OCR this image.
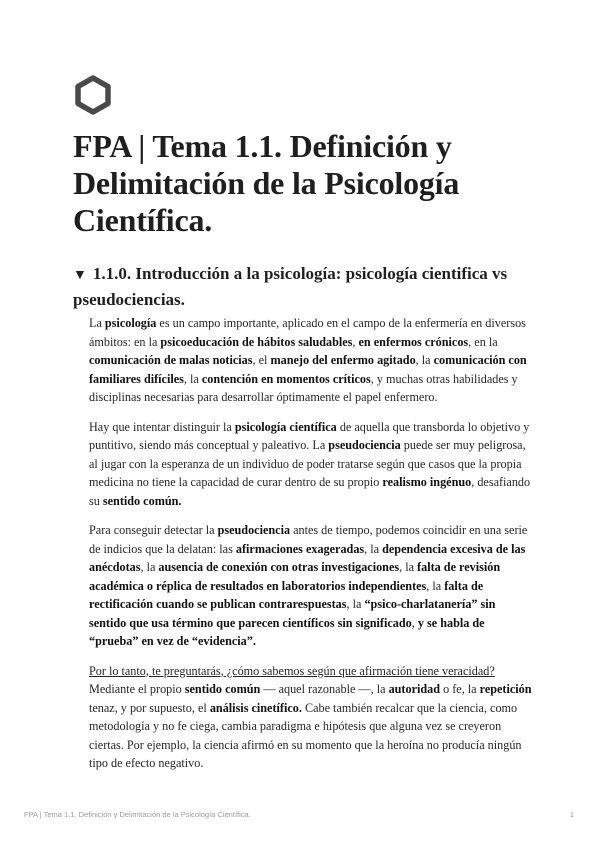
FPA | Tema 1.1. Definición y Delimitación de la Psicología Científica.
▼ 1.1.0. Introducción a la psicología: psicología cientifica vs pseudociencias.

La psicología es un campo importante, aplicado en el campo de la enfermería en diversos ámbitos: en la psicoeducación de hábitos saludables, en enfermos crónicos, en la comunicación de malas noticias, el manejo del enfermo agitado, la comunicación con familiares difíciles, la contención en momentos críticos, y muchas otras habilidades y disciplinas necesarias para desarrollar óptimamente el papel enfermero.

Hay que intentar distinguir la psicología científica de aquella que transborda lo objetivo y puntitivo, siendo más conceptual y paleativo. La pseudociencia puede ser muy peligrosa, al jugar con la esperanza de un individuo de poder tratarse según que casos que la propia medicina no tiene la capacidad de curar dentro de su propio realismo ingénuo, desafiando su sentido común.

Para conseguir detectar la pseudociencia antes de tiempo, podemos coincidir en una serie de indicios que la delatan: las afirmaciones exageradas, la dependencia excesiva de las anécdotas, la ausencia de conexión con otras investigaciones, la falta de revisión académica o réplica de resultados en laboratorios independientes, la falta de rectificación cuando se publican contrarespuestas, la “psico-charlatanería” sin sentido que usa término que parecen científicos sin significado, y se habla de “prueba” en vez de “evidencia”.

Por lo tanto, te preguntarás, ¿cómo sabemos según que afirmación tiene veracidad? Mediante el propio sentido común — aquel razonable —, la autoridad o fe, la repetición tenaz, y por supuesto, el análisis cinetífico. Cabe también recalcar que la ciencia, como metodología y no fe ciega, cambia paradigma e hipótesis que alguna vez se creyeron ciertas. Por ejemplo, la ciencia afirmó en su momento que la heroína no producía ningún tipo de efecto negativo.

FPA | Tema 1.1. Definición y Delimitación de la Psicología Científica.	1
